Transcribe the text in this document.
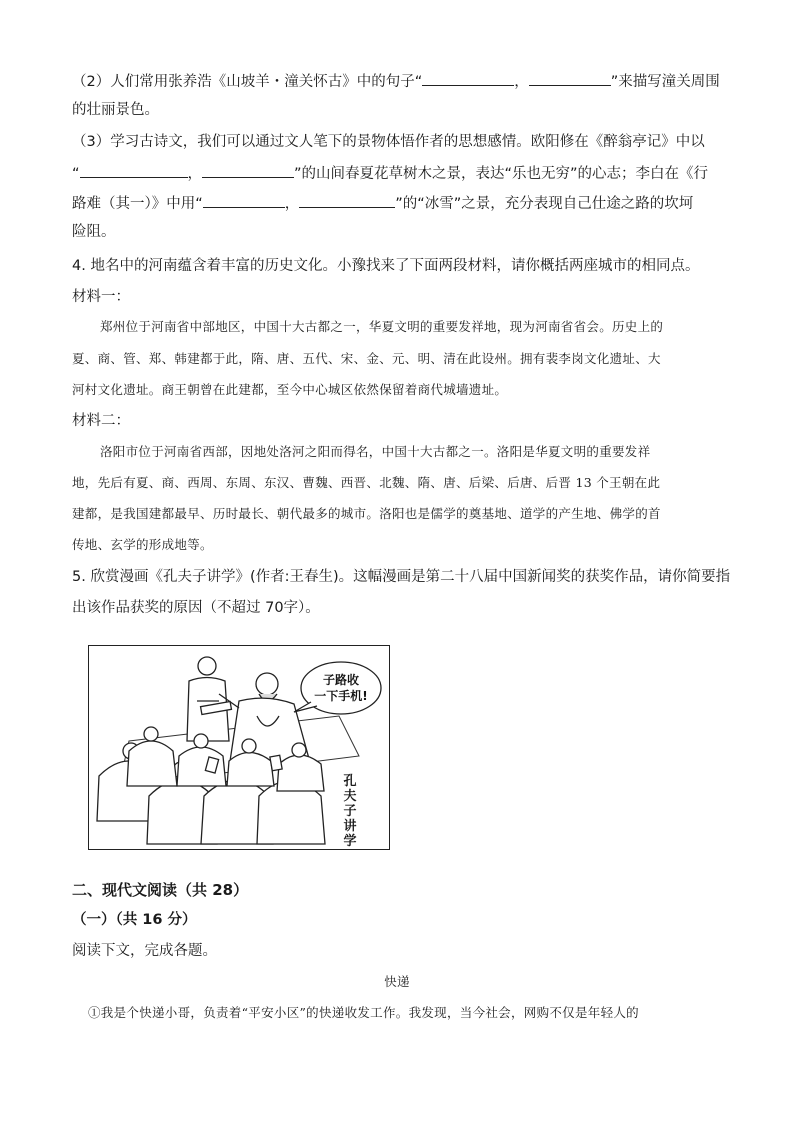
（2）人们常用张养浩《山坡羊・潼关怀古》中的句子“	，	”来描写潼关周围
的壮丽景色。
（3）学习古诗文，我们可以通过文人笔下的景物体悟作者的思想感情。欧阳修在《醉翁亭记》中以
“	，	”的山间春夏花草树木之景，表达“乐也无穷”的心志；李白在《行
路难（其一）》中用“	，	”的“冰雪”之景，充分表现自己仕途之路的坎坷
险阻。
4. 地名中的河南蕴含着丰富的历史文化。小豫找来了下面两段材料，请你概括两座城市的相同点。
材料一：
郑州位于河南省中部地区，中国十大古都之一，华夏文明的重要发祥地，现为河南省省会。历史上的
夏、商、管、郑、韩建都于此，隋、唐、五代、宋、金、元、明、清在此设州。拥有裴李岗文化遗址、大
河村文化遗址。商王朝曾在此建都，至今中心城区依然保留着商代城墙遗址。
材料二：
洛阳市位于河南省西部，因地处洛河之阳而得名，中国十大古都之一。洛阳是华夏文明的重要发祥
地，先后有夏、商、西周、东周、东汉、曹魏、西晋、北魏、隋、唐、后梁、后唐、后晋 13 个王朝在此
建都，是我国建都最早、历时最长、朝代最多的城市。洛阳也是儒学的奠基地、道学的产生地、佛学的首
传地、玄学的形成地等。
5. 欣赏漫画《孔夫子讲学》(作者:王春生)。这幅漫画是第二十八届中国新闻奖的获奖作品，请你简要指
出该作品获奖的原因（不超过 70字）。
子路收
一下手机!
孔
夫
子
讲
学
二、现代文阅读（共 28）
（一）（共 16 分）
阅读下文，完成各题。
快递
①我是个快递小哥，负责着“平安小区”的快递收发工作。我发现，当今社会，网购不仅是年轻人的
